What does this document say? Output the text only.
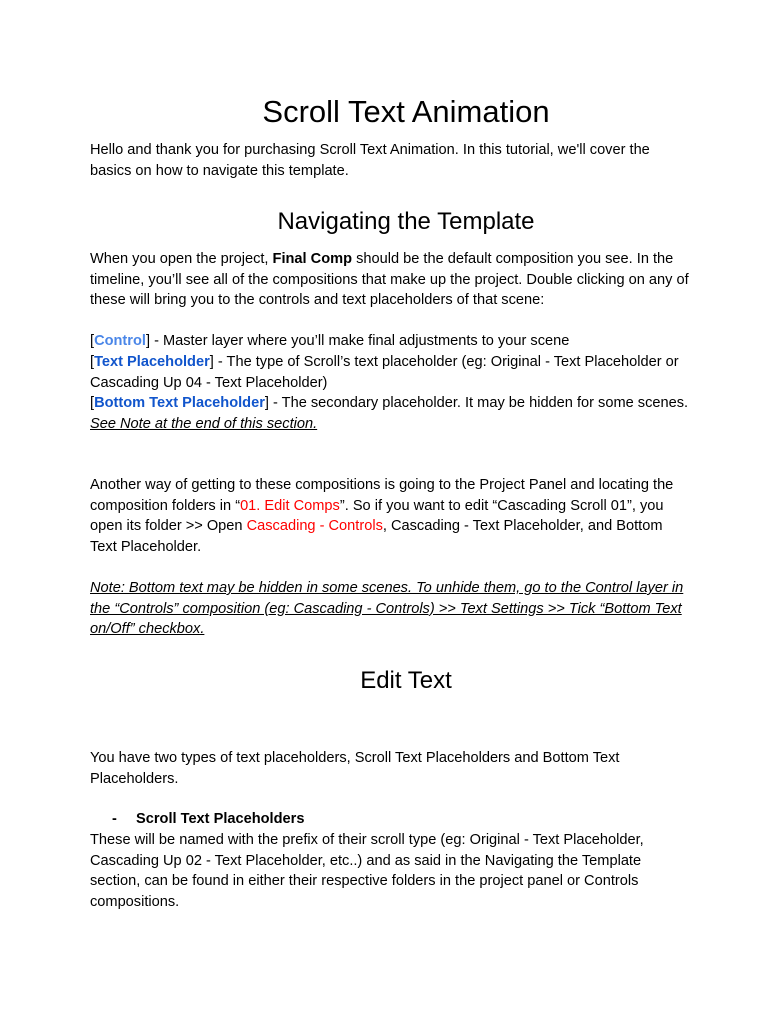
Scroll Text Animation

Hello and thank you for purchasing Scroll Text Animation. In this tutorial, we'll cover the basics on how to navigate this template.

Navigating the Template

When you open the project, Final Comp should be the default composition you see. In the timeline, you’ll see all of the compositions that make up the project. Double clicking on any of these will bring you to the controls and text placeholders of that scene:

[Control] - Master layer where you’ll make final adjustments to your scene

[Text Placeholder] - The type of Scroll’s text placeholder (eg: Original - Text Placeholder or Cascading Up 04 - Text Placeholder)

[Bottom Text Placeholder] - The secondary placeholder. It may be hidden for some scenes. See Note at the end of this section.

Another way of getting to these compositions is going to the Project Panel and locating the composition folders in “01. Edit Comps”. So if you want to edit “Cascading Scroll 01”, you open its folder >> Open Cascading - Controls, Cascading - Text Placeholder, and Bottom Text Placeholder.

Note: Bottom text may be hidden in some scenes. To unhide them, go to the Control layer in the “Controls” composition (eg: Cascading - Controls) >> Text Settings >> Tick “Bottom Text on/Off” checkbox.

Edit Text

You have two types of text placeholders, Scroll Text Placeholders and Bottom Text Placeholders.

- Scroll Text Placeholders

These will be named with the prefix of their scroll type (eg: Original - Text Placeholder, Cascading Up 02 - Text Placeholder, etc..) and as said in the Navigating the Template section, can be found in either their respective folders in the project panel or Controls compositions.
